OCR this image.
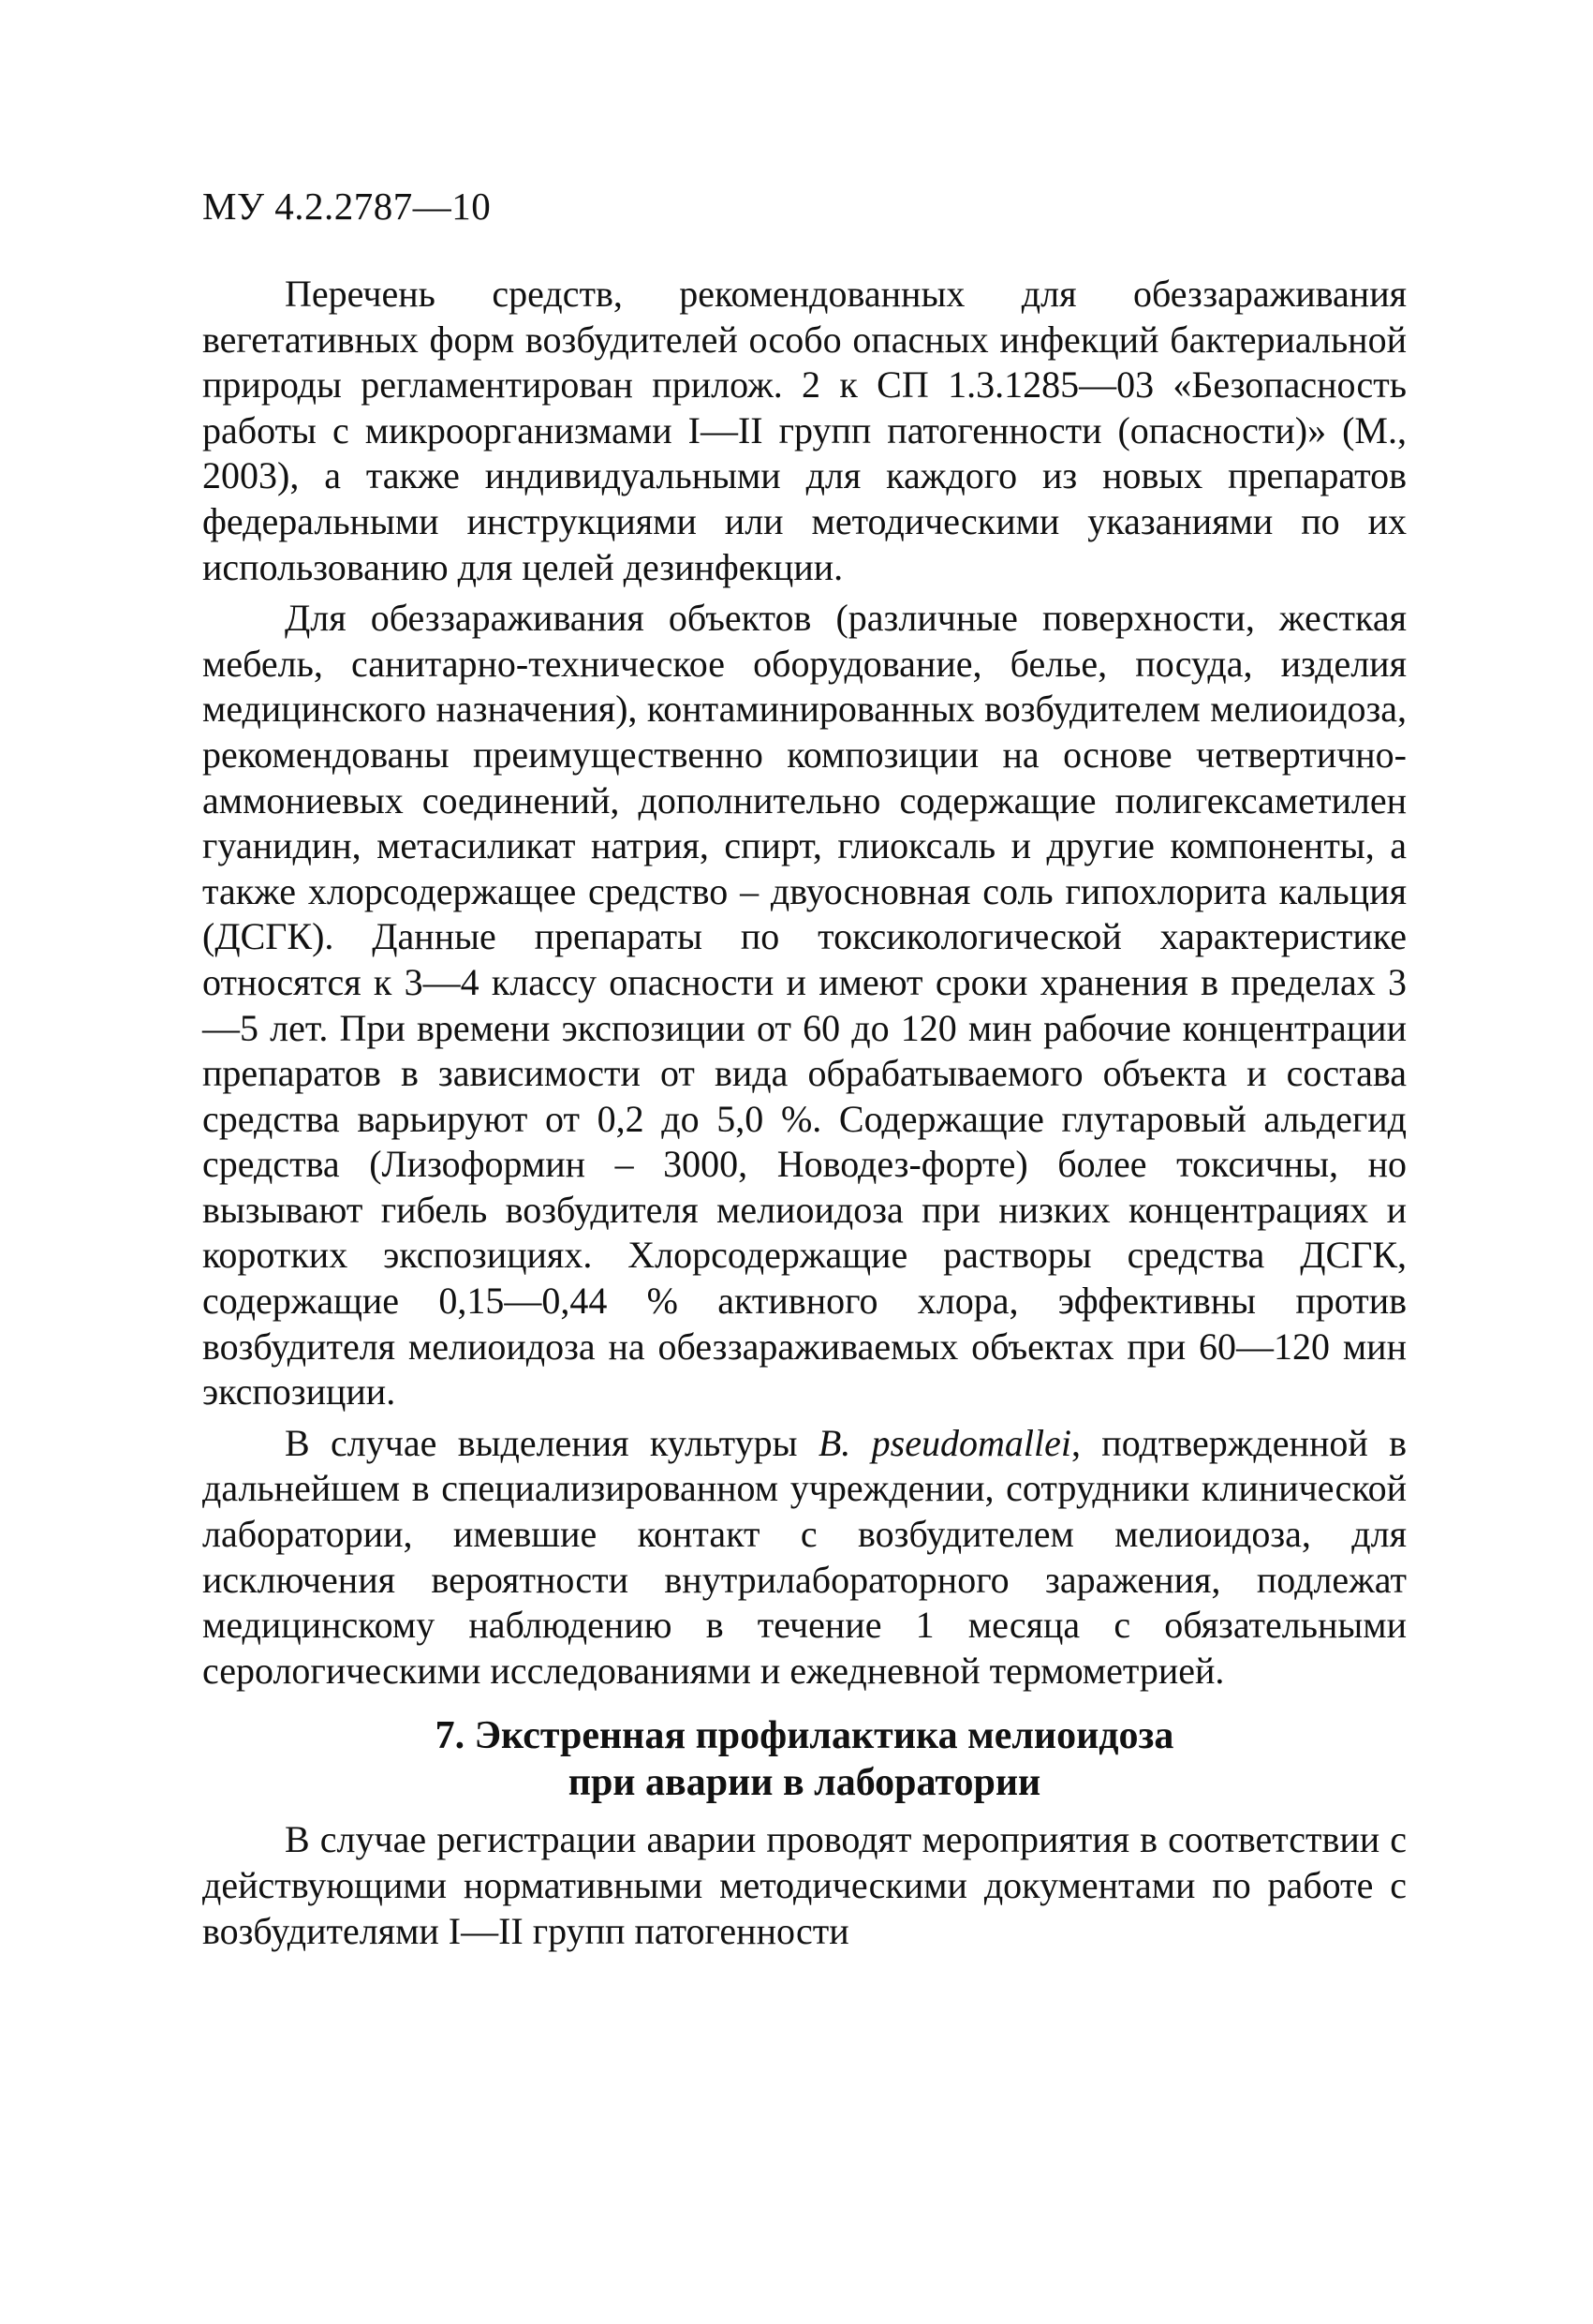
МУ 4.2.2787—10

Перечень средств, рекомендованных для обеззараживания вегетативных форм возбудителей особо опасных инфекций бактериальной природы регламентирован прилож. 2 к СП 1.3.1285—03 «Безопасность работы с микроорганизмами I—II групп патогенности (опасности)» (М., 2003), а также индивидуальными для каждого из новых препаратов федеральными инструкциями или методическими указаниями по их использованию для целей дезинфекции.

Для обеззараживания объектов (различные поверхности, жесткая мебель, санитарно-техническое оборудование, белье, посуда, изделия медицинского назначения), контаминированных возбудителем мелиоидоза, рекомендованы преимущественно композиции на основе четвертично-аммониевых соединений, дополнительно содержащие полигексаметилен гуанидин, метасиликат натрия, спирт, глиоксаль и другие компоненты, а также хлорсодержащее средство – двуосновная соль гипохлорита кальция (ДСГК). Данные препараты по токсикологической характеристике относятся к 3—4 классу опасности и имеют сроки хранения в пределах 3—5 лет. При времени экспозиции от 60 до 120 мин рабочие концентрации препаратов в зависимости от вида обрабатываемого объекта и состава средства варьируют от 0,2 до 5,0 %. Содержащие глутаровый альдегид средства (Лизоформин – 3000, Новодез-форте) более токсичны, но вызывают гибель возбудителя мелиоидоза при низких концентрациях и коротких экспозициях. Хлорсодержащие растворы средства ДСГК, содержащие 0,15—0,44 % активного хлора, эффективны против возбудителя мелиоидоза на обеззараживаемых объектах при 60—120 мин экспозиции.

В случае выделения культуры B. pseudomallei, подтвержденной в дальнейшем в специализированном учреждении, сотрудники клинической лаборатории, имевшие контакт с возбудителем мелиоидоза, для исключения вероятности внутрилабораторного заражения, подлежат медицинскому наблюдению в течение 1 месяца с обязательными серологическими исследованиями и ежедневной термометрией.

7. Экстренная профилактика мелиоидоза
при аварии в лаборатории

В случае регистрации аварии проводят мероприятия в соответствии с действующими нормативными методическими документами по работе с возбудителями I—II групп патогенности
